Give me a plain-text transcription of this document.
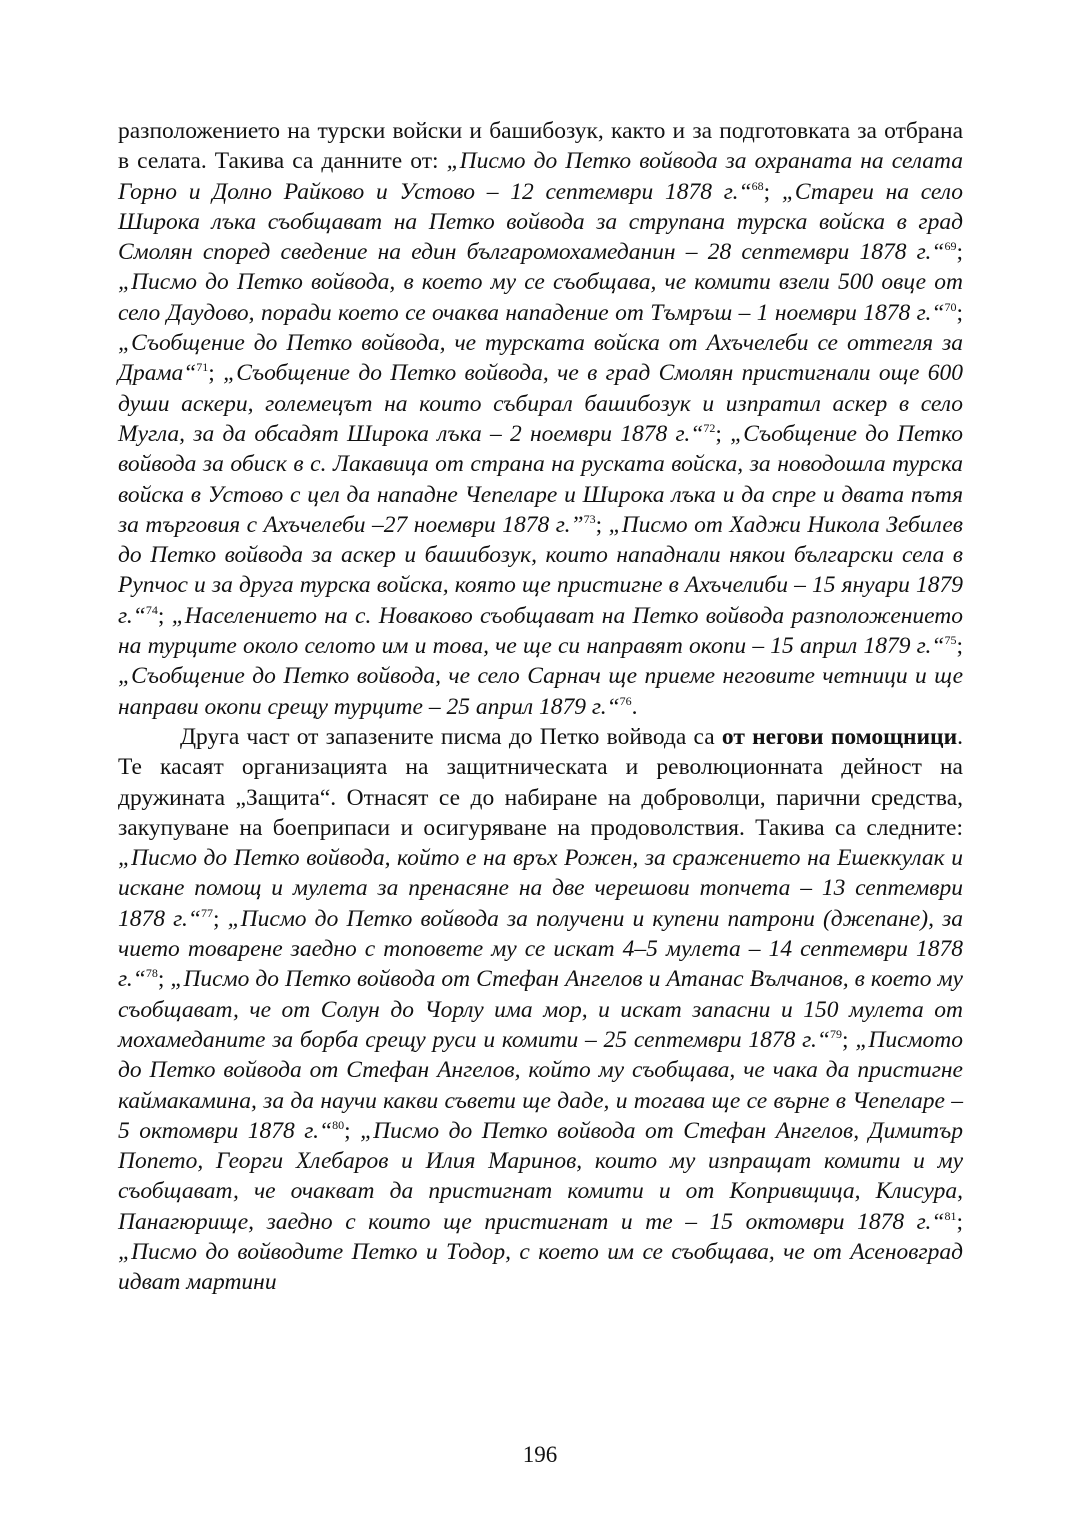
разположението на турски войски и башибозук, както и за подготовката за отбрана в селата. Такива са данните от: „Писмо до Петко войвода за охраната на селата Горно и Долно Райково и Устово – 12 септември 1878 г.“$^{68}$; „Стареи на село Широка лъка съобщават на Петко войвода за струпана турска войска в град Смолян според сведение на един българомохамеданин – 28 септември 1878 г.“$^{69}$; „Писмо до Петко войвода, в което му се съобщава, че комити взели 500 овце от село Даудово, поради което се очаква нападение от Тъмръш – 1 ноември 1878 г.“$^{70}$; „Съобщение до Петко войвода, че турската войска от Ахъчелеби се оттегля за Драма“$^{71}$; „Съобщение до Петко войвода, че в град Смолян пристигнали още 600 души аскери, големецът на които събирал башибозук и изпратил аскер в село Мугла, за да обсадят Широка лъка – 2 ноември 1878 г.“$^{72}$; „Съобщение до Петко войвода за обиск в с. Лакавица от страна на руската войска, за новодошла турска войска в Устово с цел да нападне Чепеларе и Широка лъка и да спре и двата пътя за търговия с Ахъчелеби –27 ноември 1878 г.”$^{73}$; „Писмо от Хаджи Никола Зебилев до Петко войвода за аскер и башибозук, които нападнали някои български села в Рупчос и за друга турска войска, която ще пристигне в Ахъчелиби – 15 януари 1879 г.“$^{74}$; „Населението на с. Новаково съобщават на Петко войвода разположението на турците около селото им и това, че ще си направят окопи – 15 април 1879 г.“$^{75}$; „Съобщение до Петко войвода, че село Сарнач ще приеме неговите четници и ще направи окопи срещу турците – 25 април 1879 г.“$^{76}$.

Друга част от запазените писма до Петко войвода са от негови помощници. Те касаят организацията на защитническата и революционната дейност на дружината „Защита“. Отнасят се до набиране на доброволци, парични средства, закупуване на боеприпаси и осигуряване на продоволствия. Такива са следните: „Писмо до Петко войвода, който е на връх Рожен, за сражението на Ешеккулак и искане помощ и мулета за пренасяне на две черешови топчета – 13 септември 1878 г.“$^{77}$; „Писмо до Петко войвода за получени и купени патрони (джепане), за чието товарене заедно с топовете му се искат 4–5 мулета – 14 септември 1878 г.“$^{78}$; „Писмо до Петко войвода от Стефан Ангелов и Атанас Вълчанов, в което му съобщават, че от Солун до Чорлу има мор, и искат запасни и 150 мулета от мохамеданите за борба срещу руси и комити – 25 септември 1878 г.“$^{79}$; „Писмото до Петко войвода от Стефан Ангелов, който му съобщава, че чака да пристигне каймакамина, за да научи какви съвети ще даде, и тогава ще се върне в Чепеларе – 5 октомври 1878 г.“$^{80}$; „Писмо до Петко войвода от Стефан Ангелов, Димитър Попето, Георги Хлебаров и Илия Маринов, които му изпращат комити и му съобщават, че очакват да пристигнат комити и от Копривщица, Клисура, Панагюрище, заедно с които ще пристигнат и те – 15 октомври 1878 г.“$^{81}$; „Писмо до войводите Петко и Тодор, с което им се съобщава, че от Асеновград идват мартини

196
